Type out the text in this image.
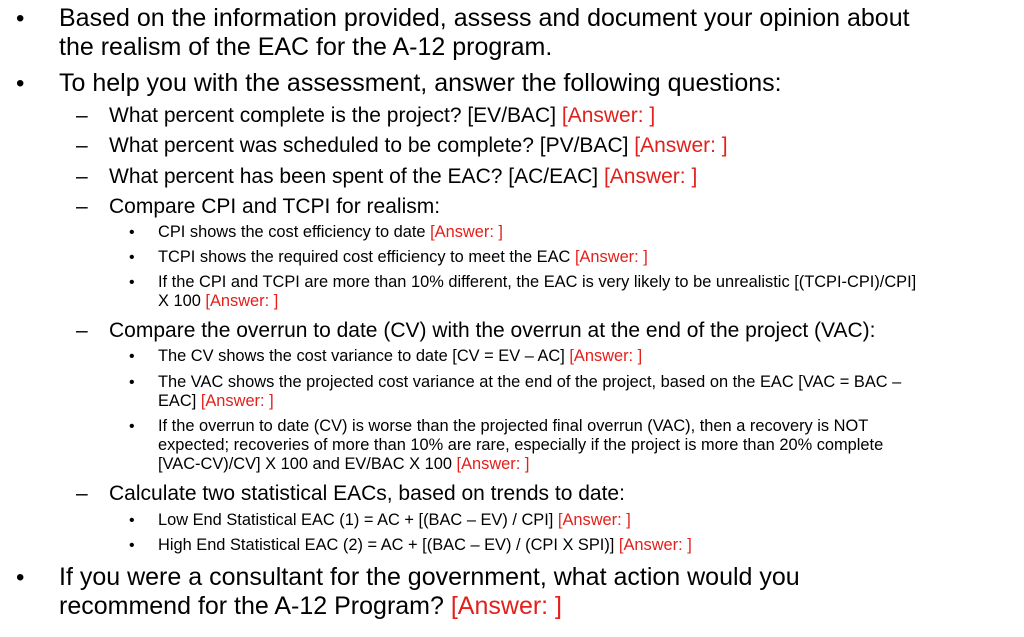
• Based on the information provided, assess and document your opinion about
the realism of the EAC for the A-12 program.
• To help you with the assessment, answer the following questions:
– What percent complete is the project? [EV/BAC] [Answer: ]
– What percent was scheduled to be complete? [PV/BAC] [Answer: ]
– What percent has been spent of the EAC? [AC/EAC] [Answer: ]
– Compare CPI and TCPI for realism:
• CPI shows the cost efficiency to date [Answer: ]
• TCPI shows the required cost efficiency to meet the EAC [Answer: ]
• If the CPI and TCPI are more than 10% different, the EAC is very likely to be unrealistic [(TCPI-CPI)/CPI]
X 100 [Answer: ]
– Compare the overrun to date (CV) with the overrun at the end of the project (VAC):
• The CV shows the cost variance to date [CV = EV – AC] [Answer: ]
• The VAC shows the projected cost variance at the end of the project, based on the EAC [VAC = BAC –
EAC] [Answer: ]
• If the overrun to date (CV) is worse than the projected final overrun (VAC), then a recovery is NOT
expected; recoveries of more than 10% are rare, especially if the project is more than 20% complete
[VAC-CV)/CV] X 100 and EV/BAC X 100 [Answer: ]
– Calculate two statistical EACs, based on trends to date:
• Low End Statistical EAC (1) = AC + [(BAC – EV) / CPI] [Answer: ]
• High End Statistical EAC (2) = AC + [(BAC – EV) / (CPI X SPI)] [Answer: ]
• If you were a consultant for the government, what action would you
recommend for the A-12 Program? [Answer: ]
